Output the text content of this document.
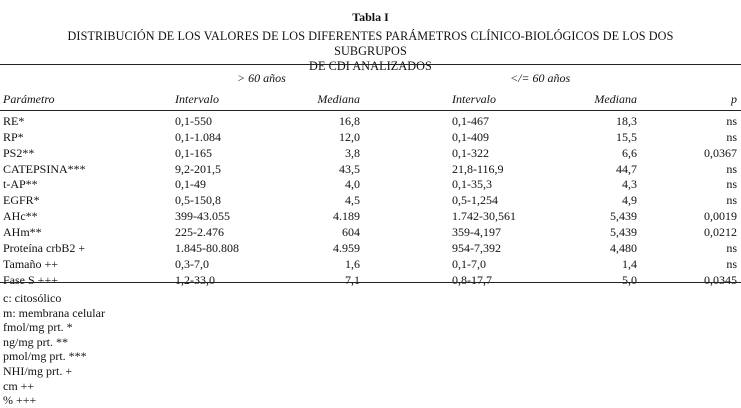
Tabla I
DISTRIBUCIÓN DE LOS VALORES DE LOS DIFERENTES PARÁMETROS CLÍNICO-BIOLÓGICOS DE LOS DOS SUBGRUPOS
DE CDI ANALIZADOS
> 60 años	</= 60 años
Parámetro	Intervalo	Mediana	Intervalo	Mediana	p
RE*	0,1-550	16,8	0,1-467	18,3	ns
RP*	0,1-1.084	12,0	0,1-409	15,5	ns
PS2**	0,1-165	3,8	0,1-322	6,6	0,0367
CATEPSINA***	9,2-201,5	43,5	21,8-116,9	44,7	ns
t-AP**	0,1-49	4,0	0,1-35,3	4,3	ns
EGFR*	0,5-150,8	4,5	0,5-1,254	4,9	ns
AHc**	399-43.055	4.189	1.742-30,561	5,439	0,0019
AHm**	225-2.476	604	359-4,197	5,439	0,0212
Proteína crbB2 +	1.845-80.808	4.959	954-7,392	4,480	ns
Tamaño ++	0,3-7,0	1,6	0,1-7,0	1,4	ns
Fase S +++	1,2-33,0	7,1	0,8-17,7	5,0	0,0345
c: citosólico
m: membrana celular
fmol/mg prt. *
ng/mg prt. **
pmol/mg prt. ***
NHI/mg prt. +
cm ++
% +++
